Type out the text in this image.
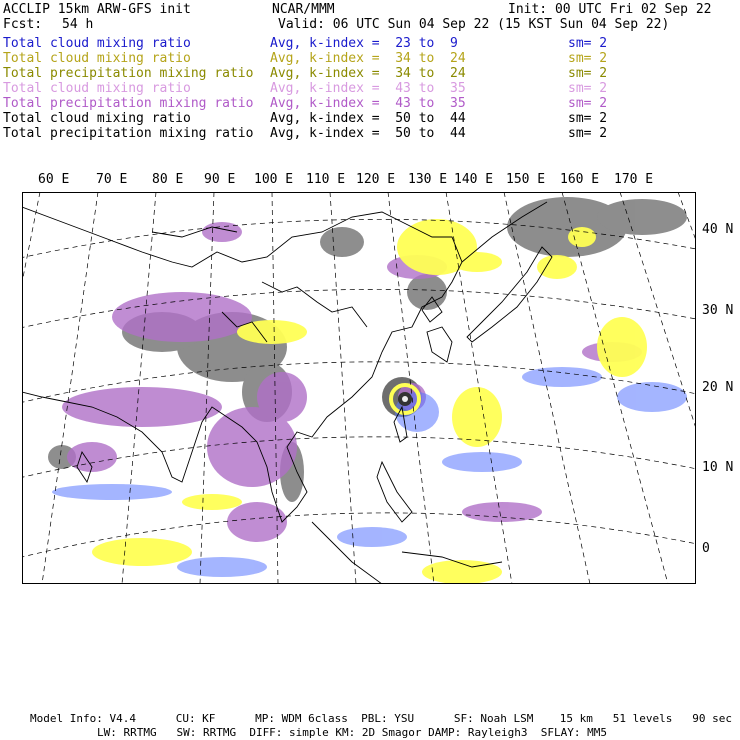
ACCLIP 15km ARW-GFS init	NCAR/MMM	Init: 00 UTC Fri 02 Sep 22
Fcst: 54 h	Valid: 06 UTC Sun 04 Sep 22 (15 KST Sun 04 Sep 22)
Total cloud mixing ratio	Avg, k-index =  23 to  9	sm= 2
Total cloud mixing ratio	Avg, k-index =  34 to  24	sm= 2
Total precipitation mixing ratio Avg, k-index =  34 to  24	sm= 2
Total cloud mixing ratio	Avg, k-index =  43 to  35	sm= 2
Total precipitation mixing ratio Avg, k-index =  43 to  35	sm= 2
Total cloud mixing ratio	Avg, k-index =  50 to  44	sm= 2
Total precipitation mixing ratio Avg, k-index =  50 to  44	sm= 2
60 E 70 E 80 E 90 E 100 E 110 E 120 E 130 E 140 E 150 E 160 E 170 E
40 N
30 N
20 N
10 N
0
Model Info: V4.4      CU: KF      MP: WDM 6class  PBL: YSU      SF: Noah LSM    15 km   51 levels   90 sec
LW: RRTMG   SW: RRTMG  DIFF: simple KM: 2D Smagor DAMP: Rayleigh3  SFLAY: MM5
